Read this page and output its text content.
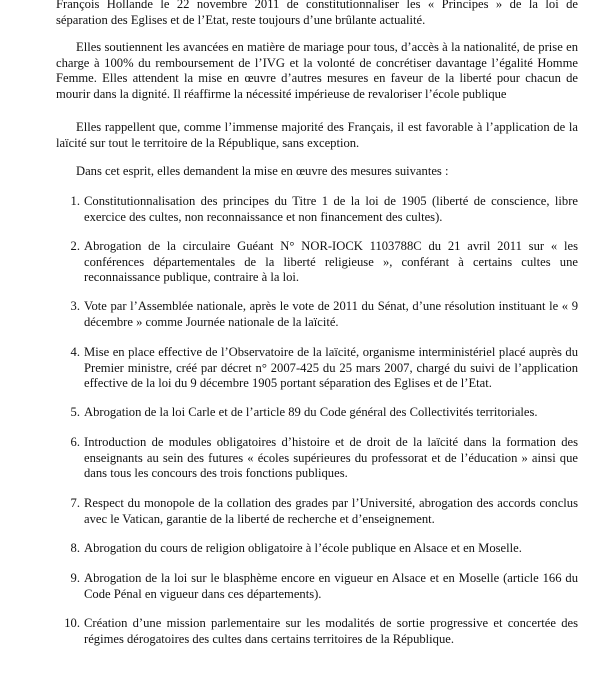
François Hollande le 22 novembre 2011 de constitutionnaliser les « Principes » de la loi de
séparation des Eglises et de l’Etat, reste toujours d’une brûlante actualité.

Elles soutiennent les avancées en matière de mariage pour tous, d’accès à la nationalité, de prise en charge à 100% du remboursement de l’IVG et la volonté de concrétiser davantage l’égalité Homme Femme. Elles attendent la mise en œuvre d’autres mesures en faveur de la liberté pour chacun de mourir dans la dignité. Il réaffirme la nécessité impérieuse de revaloriser l’école publique

Elles rappellent que, comme l’immense majorité des Français, il est favorable à l’application de la laïcité sur tout le territoire de la République, sans exception.

Dans cet esprit, elles demandent la mise en œuvre des mesures suivantes :

1. Constitutionnalisation des principes du Titre 1 de la loi de 1905 (liberté de conscience, libre exercice des cultes, non reconnaissance et non financement des cultes).

2. Abrogation de la circulaire Guéant N° NOR-IOCK 1103788C du 21 avril 2011 sur « les conférences départementales de la liberté religieuse », conférant à certains cultes une reconnaissance publique, contraire à la loi.

3. Vote par l’Assemblée nationale, après le vote de 2011 du Sénat, d’une résolution instituant le « 9 décembre » comme Journée nationale de la laïcité.

4. Mise en place effective de l’Observatoire de la laïcité, organisme interministériel placé auprès du Premier ministre, créé par décret n° 2007-425 du 25 mars 2007, chargé du suivi de l’application effective de la loi du 9 décembre 1905 portant séparation des Eglises et de l’Etat.

5. Abrogation de la loi Carle et de l’article 89 du Code général des Collectivités territoriales.

6. Introduction de modules obligatoires d’histoire et de droit de la laïcité dans la formation des enseignants au sein des futures « écoles supérieures du professorat et de l’éducation » ainsi que dans tous les concours des trois fonctions publiques.

7. Respect du monopole de la collation des grades par l’Université, abrogation des accords conclus avec le Vatican, garantie de la liberté de recherche et d’enseignement.

8. Abrogation du cours de religion obligatoire à l’école publique en Alsace et en Moselle.

9. Abrogation de la loi sur le blasphème encore en vigueur en Alsace et en Moselle (article 166 du Code Pénal en vigueur dans ces départements).

10. Création d’une mission parlementaire sur les modalités de sortie progressive et concertée des régimes dérogatoires des cultes dans certains territoires de la République.
